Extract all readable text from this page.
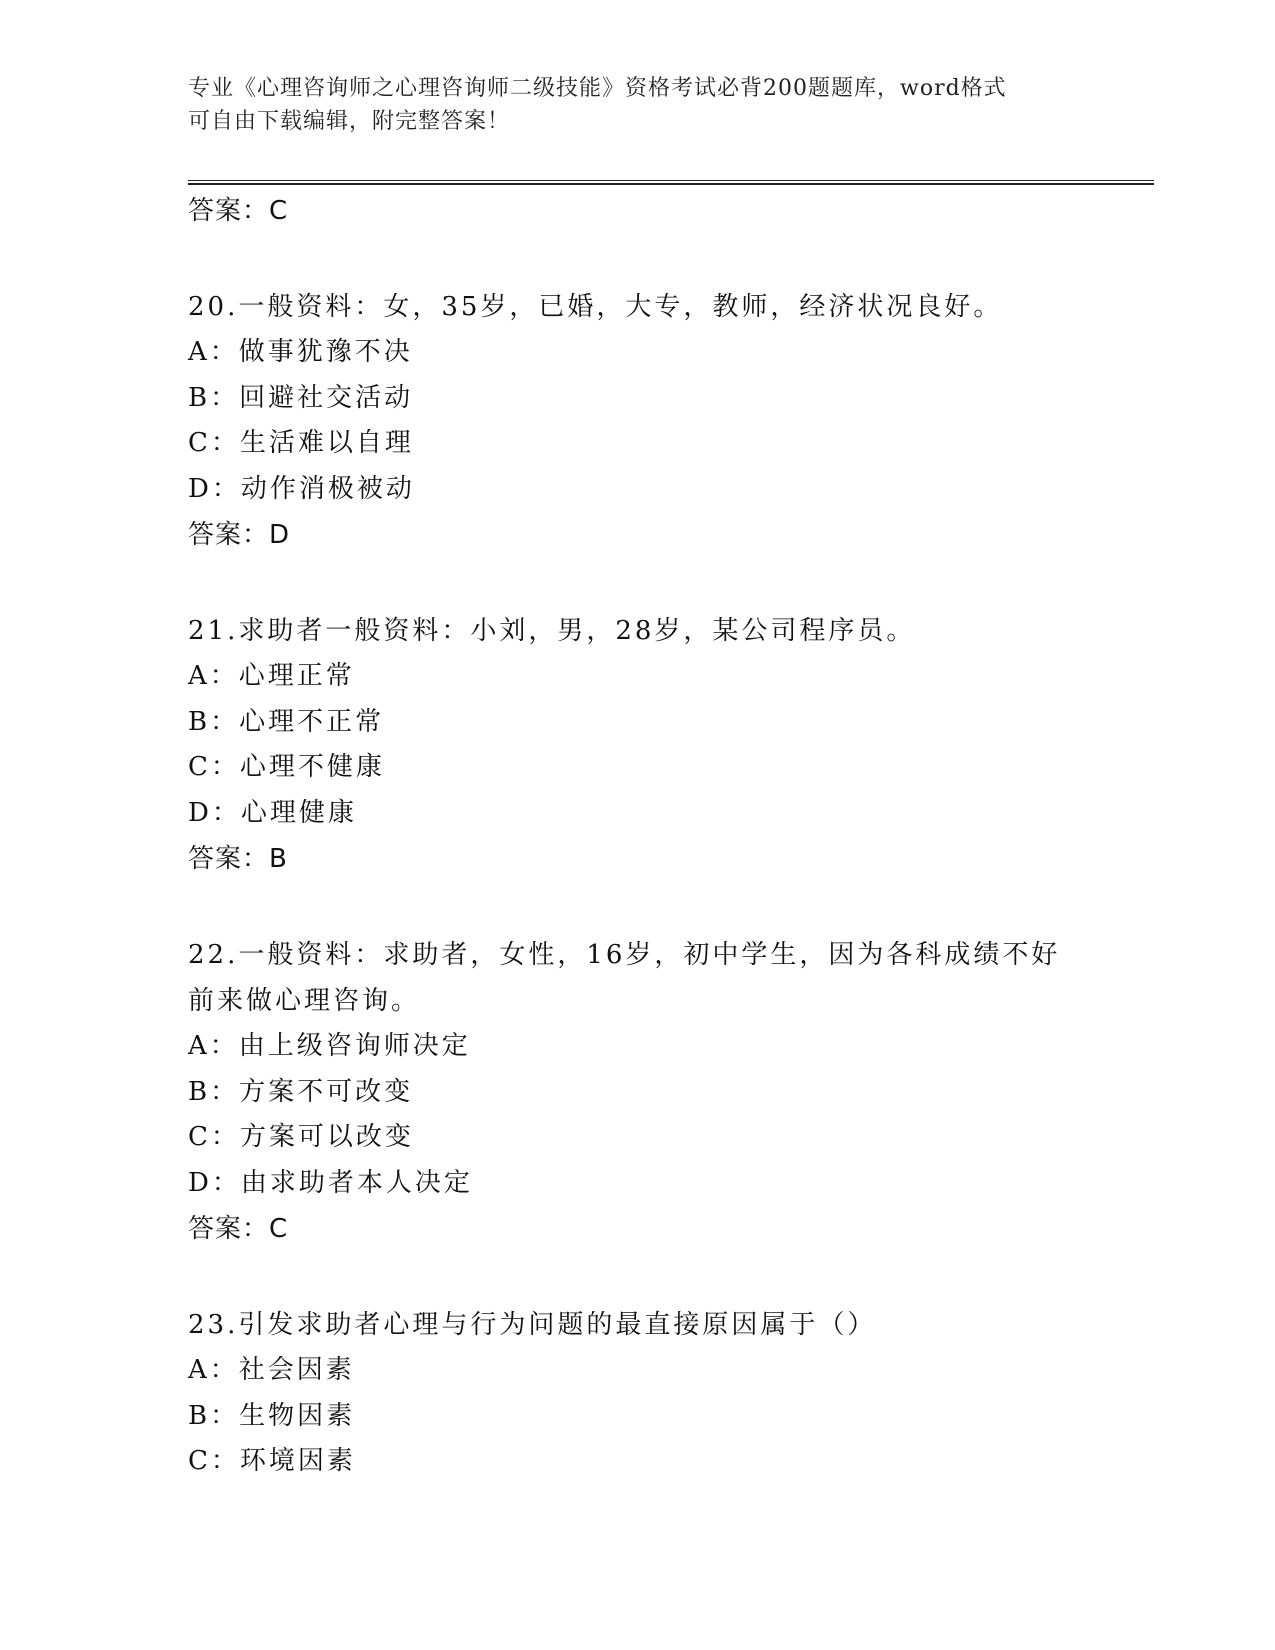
专业《心理咨询师之心理咨询师二级技能》资格考试必背200题题库，word格式
可自由下载编辑，附完整答案！

答案：C

20.一般资料：女，35岁，已婚，大专，教师，经济状况良好。

A：做事犹豫不决

B：回避社交活动

C：生活难以自理

D：动作消极被动

答案：D

21.求助者一般资料：小刘，男，28岁，某公司程序员。

A：心理正常

B：心理不正常

C：心理不健康

D：心理健康

答案：B

22.一般资料：求助者，女性，16岁，初中学生，因为各科成绩不好前来做心理咨询。

A：由上级咨询师决定

B：方案不可改变

C：方案可以改变

D：由求助者本人决定

答案：C

23.引发求助者心理与行为问题的最直接原因属于（）

A：社会因素

B：生物因素

C：环境因素
